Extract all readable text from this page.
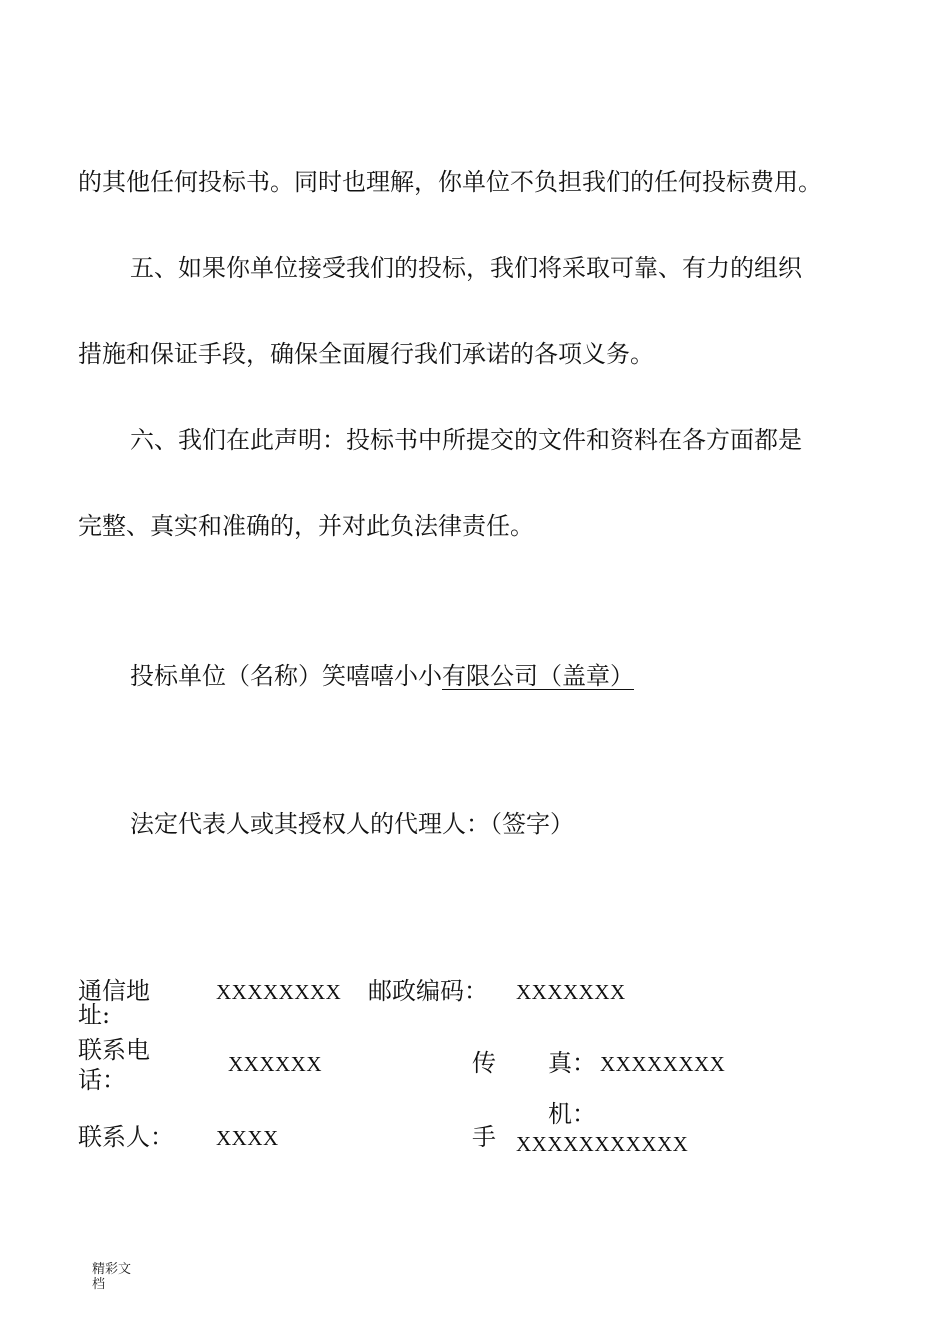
的其他任何投标书。同时也理解，你单位不负担我们的任何投标费用。
五、如果你单位接受我们的投标，我们将采取可靠、有力的组织
措施和保证手段，确保全面履行我们承诺的各项义务。
六、我们在此声明：投标书中所提交的文件和资料在各方面都是
完整、真实和准确的，并对此负法律责任。
投标单位（名称）笑嘻嘻小小有限公司（盖章）
法定代表人或其授权人的代理人：（签字）
通信地
址:
XXXXXXXX 邮政编码： XXXXXXX
联系电
话：
XXXXXX	传 真： XXXXXXXX
联系人： XXXX	手
机：
XXXXXXXXXXX
精彩文
档
